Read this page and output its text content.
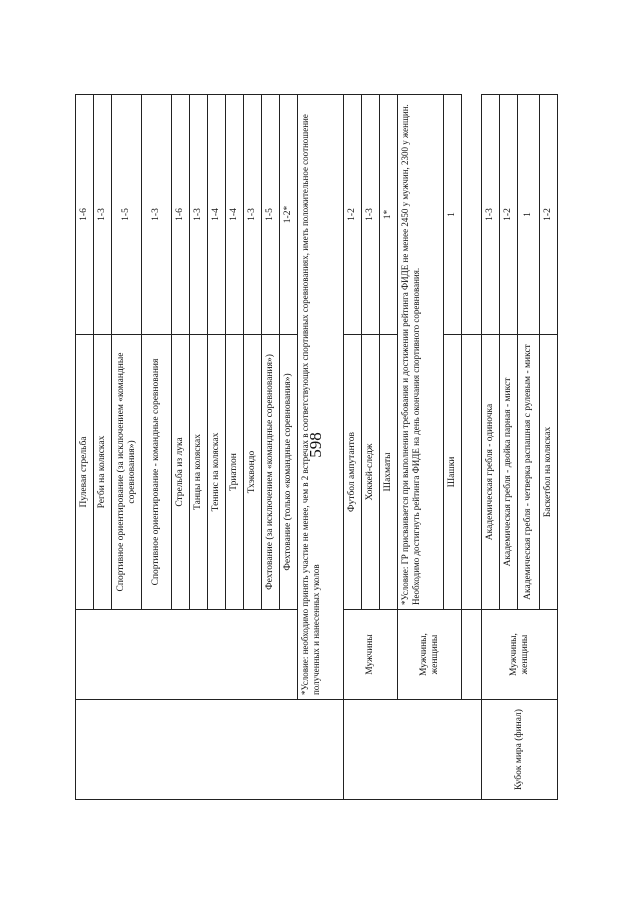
598
		Пулевая стрельба	1-6
		Регби на колясках	1-3
		Спортивное ориентирование (за исключением «командные соревнования»)	1-5
		Спортивное ориентирование - командные соревнования	1-3
		Стрельба из лука	1-6
		Танцы на колясках	1-3
		Теннис на колясках	1-4
		Триатлон	1-4
		Тхэквондо	1-3
		Фехтование (за исключением «командные соревнования»)	1-5
		Фехтование (только «командные соревнования»)	1-2*
	*Условие: необходимо принять участие не менее, чем в 2 встречах в соответствующих спортивных соревнованиях, иметь положительное соотношение полученных и нанесенных уколов		
	Мужчины	Футбол ампутантов	1-2
		Хоккей-следж	1-3
		Шахматы	1*
	Мужчины, женщины	*Условие: ГР присваивается при выполнении требования и достижении рейтинга ФИДЕ не менее 2450 у мужчин, 2300 у женщин. Необходимо достигнуть рейтинга ФИДЕ на день окончания спортивного соревнования.	
		Шашки	1

Кубок мира (финал)	Мужчины, женщины	Академическая гребля - одиночка	1-3
		Академическая гребля - двойка парная - микст	1-2
		Академическая гребля - четверка распашная с рулевым - микст	1
		Баскетбол на колясках	1-2
